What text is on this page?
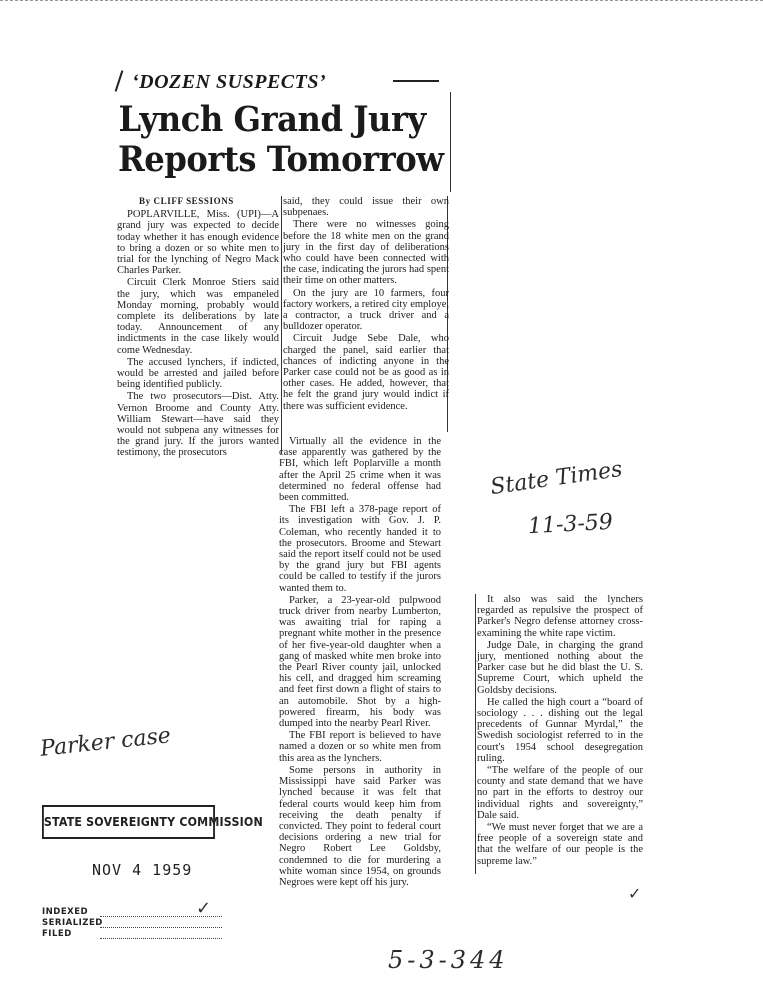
‘DOZEN SUSPECTS’
Lynch Grand Jury
Reports Tomorrow

By CLIFF SESSIONS

POPLARVILLE, Miss. (UPI)—A grand jury was expected to decide today whether it has enough evidence to bring a dozen or so white men to trial for the lynching of Negro Mack Charles Parker.

Circuit Clerk Monroe Stiers said the jury, which was empaneled Monday morning, probably would complete its deliberations by late today. Announcement of any indictments in the case likely would come Wednesday.

The accused lynchers, if indicted, would be arrested and jailed before being identified publicly.

The two prosecutors—Dist. Atty. Vernon Broome and County Atty. William Stewart—have said they would not subpena any witnesses for the grand jury. If the jurors wanted testimony, the prosecutors

said, they could issue their own subpenaes.

There were no witnesses going before the 18 white men on the grand jury in the first day of deliberations who could have been connected with the case, indicating the jurors had spent their time on other matters.

On the jury are 10 farmers, four factory workers, a retired city employe, a contractor, a truck driver and a bulldozer operator.

Circuit Judge Sebe Dale, who charged the panel, said earlier that chances of indicting anyone in the Parker case could not be as good as in other cases. He added, however, that he felt the grand jury would indict if there was sufficient evidence.

Virtually all the evidence in the case apparently was gathered by the FBI, which left Poplarville a month after the April 25 crime when it was determined no federal offense had been committed.

The FBI left a 378-page report of its investigation with Gov. J. P. Coleman, who recently handed it to the prosecutors. Broome and Stewart said the report itself could not be used by the grand jury but FBI agents could be called to testify if the jurors wanted them to.

Parker, a 23-year-old pulpwood truck driver from nearby Lumberton, was awaiting trial for raping a pregnant white mother in the presence of her five-year-old daughter when a gang of masked white men broke into the Pearl River county jail, unlocked his cell, and dragged him screaming and feet first down a flight of stairs to an automobile. Shot by a high-powered firearm, his body was dumped into the nearby Pearl River.

The FBI report is believed to have named a dozen or so white men from this area as the lynchers.

Some persons in authority in Mississippi have said Parker was lynched because it was felt that federal courts would keep him from receiving the death penalty if convicted. They point to federal court decisions ordering a new trial for Negro Robert Lee Goldsby, condemned to die for murdering a white woman since 1954, on grounds Negroes were kept off his jury.

It also was said the lynchers regarded as repulsive the prospect of Parker's Negro defense attorney cross-examining the white rape victim.

Judge Dale, in charging the grand jury, mentioned nothing about the Parker case but he did blast the U. S. Supreme Court, which upheld the Goldsby decisions.

He called the high court a “board of sociology . . . dishing out the legal precedents of Gunnar Myrdal,” the Swedish sociologist referred to in the court's 1954 school desegregation ruling.

“The welfare of the people of our county and state demand that we have no part in the efforts to destroy our individual rights and sovereignty,” Dale said.

“We must never forget that we are a free people of a sovereign state and that the welfare of our people is the supreme law.”

State Times
11-3-59
Parker case
5-3-344
STATE SOVEREIGNTY COMMISSION
NOV 4 1959
INDEXED
SERIALIZED
FILED
✓
✓
